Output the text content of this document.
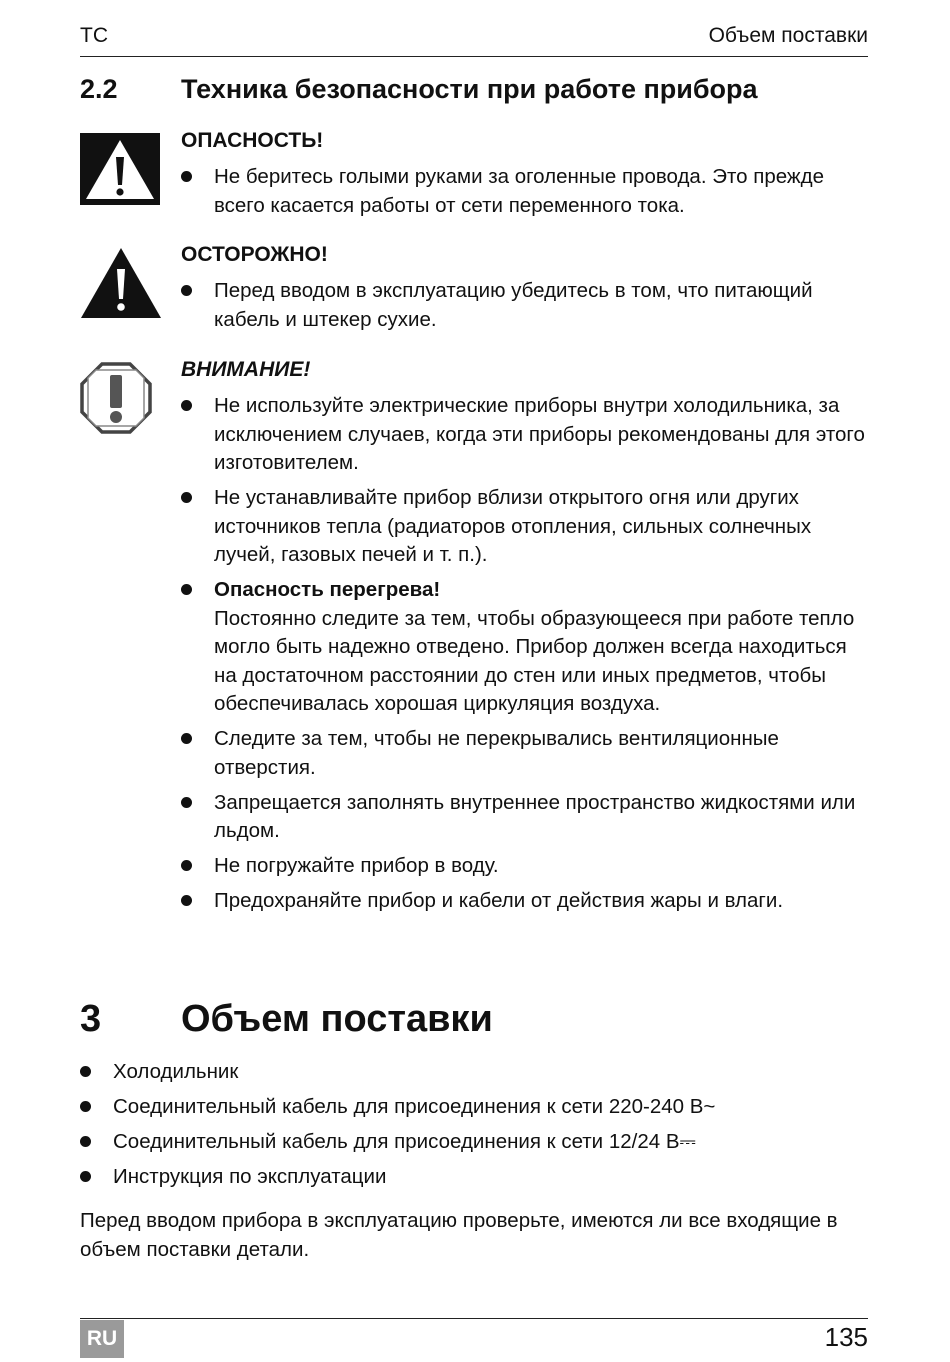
TC	Объем поставки
2.2 Техника безопасности при работе прибора
ОПАСНОСТЬ!
Не беритесь голыми руками за оголенные провода. Это прежде всего касается работы от сети переменного тока.
ОСТОРОЖНО!
Перед вводом в эксплуатацию убедитесь в том, что питающий кабель и штекер сухие.
ВНИМАНИЕ!
Не используйте электрические приборы внутри холодильника, за исключением случаев, когда эти приборы рекомендованы для этого изготовителем.
Не устанавливайте прибор вблизи открытого огня или других источников тепла (радиаторов отопления, сильных солнечных лучей, газовых печей и т. п.).
Опасность перегрева!
Постоянно следите за тем, чтобы образующееся при работе тепло могло быть надежно отведено. Прибор должен всегда находиться на достаточном расстоянии до стен или иных предметов, чтобы обеспечивалась хорошая циркуляция воздуха.
Следите за тем, чтобы не перекрывались вентиляционные отверстия.
Запрещается заполнять внутреннее пространство жидкостями или льдом.
Не погружайте прибор в воду.
Предохраняйте прибор и кабели от действия жары и влаги.
3 Объем поставки
Холодильник
Соединительный кабель для присоединения к сети 220-240 В~
Соединительный кабель для присоединения к сети 12/24 В⎓
Инструкция по эксплуатации
Перед вводом прибора в эксплуатацию проверьте, имеются ли все входящие в объем поставки детали.
RU	135
